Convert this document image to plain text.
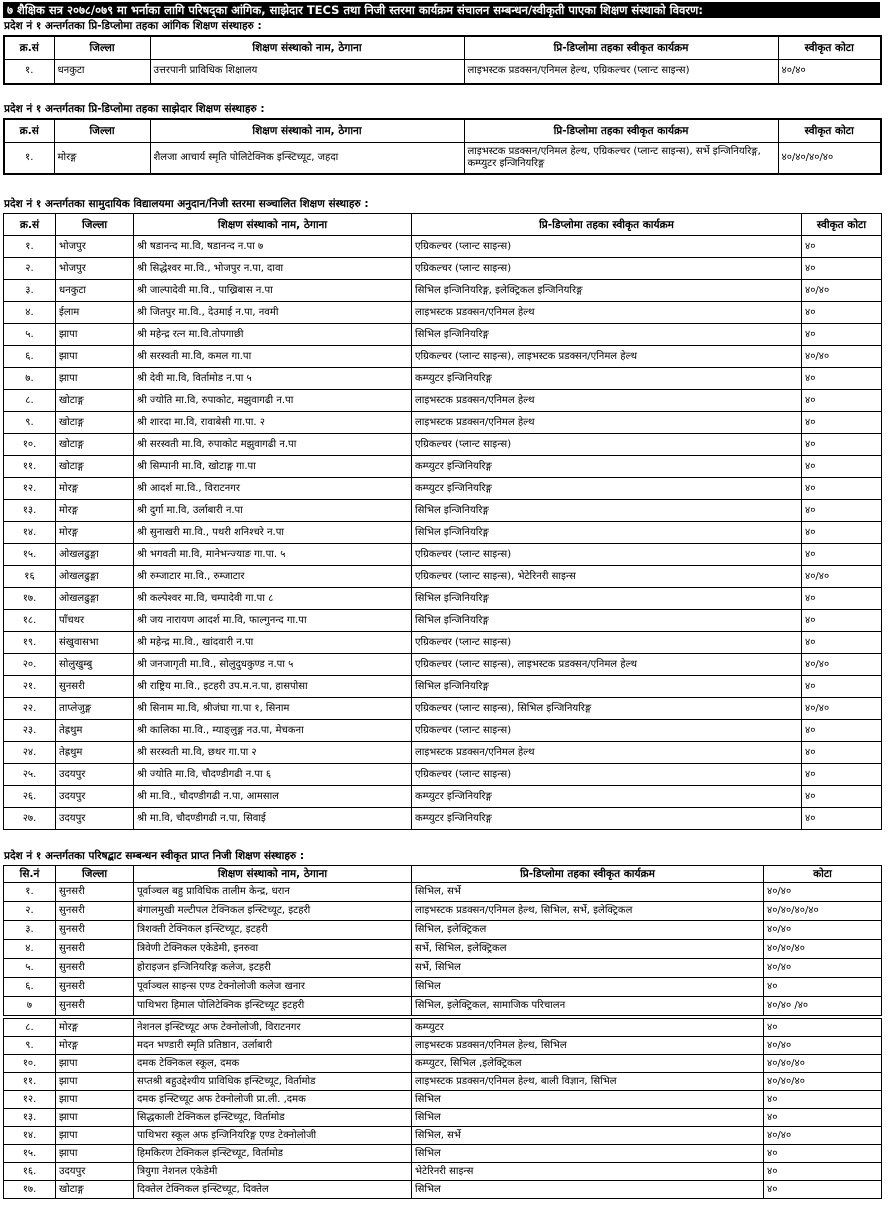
७ शैक्षिक सत्र २०७८/०७९ मा भर्नाका लागि परिषद्का आंगिक, साझेदार TECS तथा निजी स्तरमा कार्यक्रम संचालन सम्बन्धन/स्वीकृती पाएका शिक्षण संस्थाको विवरण:
प्रदेश नं १ अन्तर्गतका प्रि-डिप्लोमा तहका आंगिक शिक्षण संस्थाहरु :
क्र.सं	जिल्ला	शिक्षण संस्थाको नाम, ठेगाना	प्रि-डिप्लोमा तहका स्वीकृत कार्यक्रम	स्वीकृत कोटा
१.	धनकुटा	उत्तरपानी प्राविधिक शिक्षालय	लाइभस्टक प्रडक्सन/एनिमल हेल्थ, एग्रिकल्चर (प्लान्ट साइन्स)	४०/४०
प्रदेश नं १ अन्तर्गतका प्रि-डिप्लोमा तहका साझेदार शिक्षण संस्थाहरु :
क्र.सं	जिल्ला	शिक्षण संस्थाको नाम, ठेगाना	प्रि-डिप्लोमा तहका स्वीकृत कार्यक्रम	स्वीकृत कोटा
१.	मोरङ्ग	शैलजा आचार्य स्मृति पोलिटेक्निक इन्स्टिच्यूट, जहदा	लाइभस्टक प्रडक्सन/एनिमल हेल्थ, एग्रिकल्चर (प्लान्ट साइन्स), सर्भे इन्जिनियरिङ्ग, कम्प्युटर इन्जिनियरिङ्ग	४०/४०/४०/४०
प्रदेश नं १ अन्तर्गतका सामुदायिक विद्यालयमा अनुदान/निजी स्तरमा सञ्चालित शिक्षण संस्थाहरु :
क्र.सं	जिल्ला	शिक्षण संस्थाको नाम, ठेगाना	प्रि-डिप्लोमा तहका स्वीकृत कार्यक्रम	स्वीकृत कोटा
१.	भोजपुर	श्री षडानन्द मा.वि, षडानन्द न.पा ७	एग्रिकल्चर (प्लान्ट साइन्स)	४०
२.	भोजपुर	श्री सिद्धेश्वर मा.वि., भोजपुर न.पा, दावा	एग्रिकल्चर (प्लान्ट साइन्स)	४०
३.	धनकुटा	श्री जाल्पादेवी मा.वि., पाख्रिबास न.पा	सिभिल इन्जिनियरिङ्ग, इलेक्ट्रिकल इन्जिनियरिङ्ग	४०/४०
४.	ईलाम	श्री जितपुर मा.वि., देउमाई न.पा, नवमी	लाइभस्टक प्रडक्सन/एनिमल हेल्थ	४०
५.	झापा	श्री महेन्द्र रत्न मा.वि.तोपगाछी	सिभिल इन्जिनियरिङ्ग	४०
६.	झापा	श्री सरस्वती मा.वि, कमल गा.पा	एग्रिकल्चर (प्लान्ट साइन्स), लाइभस्टक प्रडक्सन/एनिमल हेल्थ	४०/४०
७.	झापा	श्री देवी मा.वि, विर्तामोड न.पा ५	कम्प्युटर इन्जिनियरिङ्ग	४०
८.	खोटाङ्ग	श्री ज्योति मा.वि, रुपाकोट, मझुवागढी न.पा	लाइभस्टक प्रडक्सन/एनिमल हेल्थ	४०
९.	खोटाङ्ग	श्री शारदा मा.वि, रावाबेसी गा.पा. २	लाइभस्टक प्रडक्सन/एनिमल हेल्थ	४०
१०.	खोटाङ्ग	श्री सरस्वती मा.वि, रुपाकोट मझुवागढी न.पा	एग्रिकल्चर (प्लान्ट साइन्स)	४०
११.	खोटाङ्ग	श्री सिम्पानी मा.वि, खोटाङ्ग गा.पा	कम्प्युटर इन्जिनियरिङ्ग	४०
१२.	मोरङ्ग	श्री आदर्श मा.वि., विराटनगर	कम्प्युटर इन्जिनियरिङ्ग	४०
१३.	मोरङ्ग	श्री दुर्गा मा.वि, उर्लाबारी न.पा	सिभिल इन्जिनियरिङ्ग	४०
१४.	मोरङ्ग	श्री सुनाखरी मा.वि., पथरी शनिश्चरे न.पा	सिभिल इन्जिनियरिङ्ग	४०
१५.	ओखलढुङ्गा	श्री भगवती मा.वि, मानेभन्ज्याङ गा.पा. ५	एग्रिकल्चर (प्लान्ट साइन्स)	४०
१६	ओखलढुङ्गा	श्री रुम्जाटार मा.वि., रुम्जाटार	एग्रिकल्चर (प्लान्ट साइन्स), भेटेरिनरी साइन्स	४०/४०
१७.	ओखलढुङ्गा	श्री कल्पेश्वर मा.वि, चम्पादेवी गा.पा ८	सिभिल इन्जिनियरिङ्ग	४०
१८.	पाँचथर	श्री जय नारायण आदर्श मा.वि, फाल्गुनन्द गा.पा	सिभिल इन्जिनियरिङ्ग	४०
१९.	संखुवासभा	श्री महेन्द्र मा.वि., खांदवारी न.पा	एग्रिकल्चर (प्लान्ट साइन्स)	४०
२०.	सोलुखुम्बु	श्री जनजागृती मा.वि., सोलुदुधकुण्ड न.पा ५	एग्रिकल्चर (प्लान्ट साइन्स), लाइभस्टक प्रडक्सन/एनिमल हेल्थ	४०/४०
२१.	सुनसरी	श्री राष्ट्रिय मा.वि., इटहरी उप.म.न.पा, हासपोसा	सिभिल इन्जिनियरिङ्ग	४०
२२.	ताप्लेजुङ्ग	श्री सिनाम मा.वि, श्रीजंघा गा.पा १, सिनाम	एग्रिकल्चर (प्लान्ट साइन्स), सिभिल इन्जिनियरिङ्ग	४०/४०
२३.	तेह्रथुम	श्री कालिका मा.वि., म्याङ्लुङ्ग नउ.पा, मेचकना	एग्रिकल्चर (प्लान्ट साइन्स)	४०
२४.	तेह्रथुम	श्री सरस्वती मा.वि, छथर गा.पा २	लाइभस्टक प्रडक्सन/एनिमल हेल्थ	४०
२५.	उदयपुर	श्री ज्योति मा.वि, चौदण्डीगढी न.पा ६	एग्रिकल्चर (प्लान्ट साइन्स)	४०
२६.	उदयपुर	श्री मा.वि., चौदण्डीगढी न.पा, आमसाल	कम्प्युटर इन्जिनियरिङ्ग	४०
२७.	उदयपुर	श्री मा.वि, चौदण्डीगढी न.पा, सिवाई	कम्प्युटर इन्जिनियरिङ्ग	४०
प्रदेश नं १ अन्तर्गतका परिषद्बाट सम्बन्धन स्वीकृत प्राप्त निजी शिक्षण संस्थाहरु :
सि.नं	जिल्ला	शिक्षण संस्थाको नाम, ठेगाना	प्रि-डिप्लोमा तहका स्वीकृत कार्यक्रम	कोटा
१.	सुनसरी	पूर्वाञ्चल बहु प्राविधिक तालीम केन्द्र, धरान	सिभिल, सर्भे	४०/४०
२.	सुनसरी	बंगालमुखी मल्टीपल टेक्निकल इन्स्टिच्यूट, इटहरी	लाइभस्टक प्रडक्सन/एनिमल हेल्थ, सिभिल, सर्भे, इलेक्ट्रिकल	४०/४०/४०/४०
३.	सुनसरी	त्रिशक्ती टेक्निकल इन्स्टिच्यूट, इटहरी	सिभिल, इलेक्ट्रिकल	४०/४०
४.	सुनसरी	त्रिवेणी टेक्निकल एकेडेमी, इनरुवा	सर्भे, सिभिल, इलेक्ट्रिकल	४०/४०/४०
५.	सुनसरी	होराइजन इन्जिनियरिङ्ग कलेज, इटहरी	सर्भे, सिभिल	४०/४०
६.	सुनसरी	पूर्वाञ्चल साइन्स एण्ड टेक्नोलोजी कलेज खनार	सिभिल	४०
७	सुनसरी	पाथिभरा हिमाल पोलिटेक्निक इन्स्टिच्यूट इटहरी	सिभिल, इलेक्ट्रिकल, सामाजिक परिचालन	४०/४० /४०
८.	मोरङ्ग	नेशनल इन्स्टिच्यूट अफ टेक्नोलोजी, विराटनगर	कम्प्युटर	४०
९.	मोरङ्ग	मदन भण्डारी स्मृति प्रतिष्ठान, उर्लाबारी	लाइभस्टक प्रडक्सन/एनिमल हेल्थ, सिभिल	४०/४०
१०.	झापा	दमक टेक्निकल स्कूल, दमक	कम्प्युटर, सिभिल ,इलेक्ट्रिकल	४०/४०/४०
११.	झापा	सप्तश्री बहुउद्देश्यीय प्राविधिक इन्स्टिच्यूट, विर्तामोड	लाइभस्टक प्रडक्सन/एनिमल हेल्थ, बाली विज्ञान, सिभिल	४०/४०/४०
१२.	झापा	दमक इन्स्टिच्यूट अफ टेक्नोलोजी प्रा.ली. ,दमक	सिभिल	४०
१३.	झापा	सिद्धकाली टेक्निकल इन्स्टिच्यूट, विर्तामोड	सिभिल	४०
१४.	झापा	पाथिभरा स्कूल अफ इन्जिनियरिङ्ग एण्ड टेक्नोलोजी	सिभिल, सर्भे	४०/४०
१५.	झापा	हिमकिरण टेक्निकल इन्स्टिच्यूट, विर्तामोड	सिभिल	४०
१६.	उदयपुर	त्रियुगा नेशनल एकेडेमी	भेटेरिनरी साइन्स	४०
१७.	खोटाङ्ग	दिक्तेल टेक्निकल इन्स्टिच्यूट, दिक्तेल	सिभिल	४०
